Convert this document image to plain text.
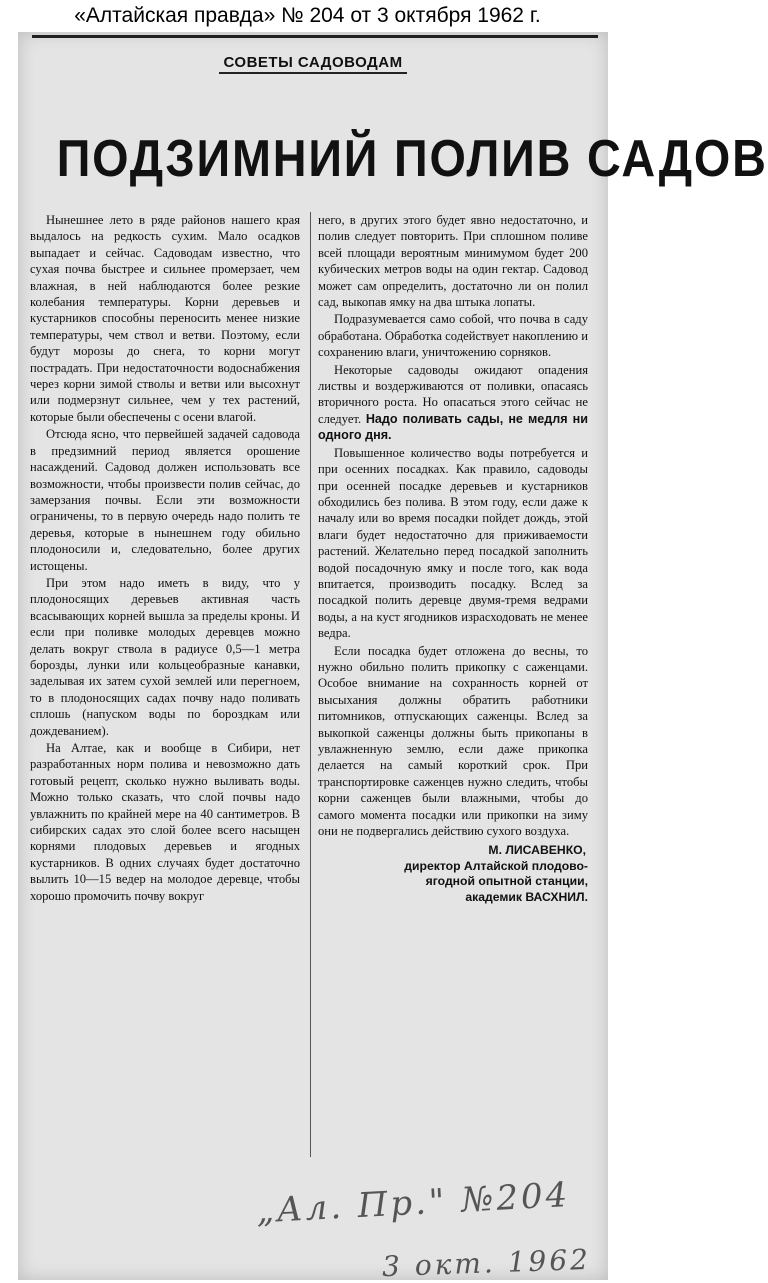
«Алтайская правда» № 204 от 3 октября 1962 г.
СОВЕТЫ САДОВОДАМ
ПОДЗИМНИЙ ПОЛИВ САДОВ

Нынешнее лето в ряде районов нашего края выдалось на редкость сухим. Мало осадков выпадает и сейчас. Садоводам известно, что сухая почва быстрее и сильнее промерзает, чем влажная, в ней наблюдаются более резкие колебания температуры. Корни деревьев и кустарников способны переносить менее низкие температуры, чем ствол и ветви. Поэтому, если будут морозы до снега, то корни могут пострадать. При недостаточности водоснабжения через корни зимой стволы и ветви или высохнут или подмерзнут сильнее, чем у тех растений, которые были обеспечены с осени влагой.

Отсюда ясно, что первейшей задачей садовода в предзимний период является орошение насаждений. Садовод должен использовать все возможности, чтобы произвести полив сейчас, до замерзания почвы. Если эти возможности ограничены, то в первую очередь надо полить те деревья, которые в нынешнем году обильно плодоносили и, следовательно, более других истощены.

При этом надо иметь в виду, что у плодоносящих деревьев активная часть всасывающих корней вышла за пределы кроны. И если при поливке молодых деревцев можно делать вокруг ствола в радиусе 0,5—1 метра борозды, лунки или кольцеобразные канавки, заделывая их затем сухой землей или перегноем, то в плодоносящих садах почву надо поливать сплошь (напуском воды по бороздкам или дождеванием).

На Алтае, как и вообще в Сибири, нет разработанных норм полива и невозможно дать готовый рецепт, сколько нужно выливать воды. Можно только сказать, что слой почвы надо увлажнить по крайней мере на 40 сантиметров. В сибирских садах это слой более всего насыщен корнями плодовых деревьев и ягодных кустарников. В одних случаях будет достаточно вылить 10—15 ведер на молодое деревце, чтобы хорошо промочить почву вокруг

него, в других этого будет явно недостаточно, и полив следует повторить. При сплошном поливе всей площади вероятным минимумом будет 200 кубических метров воды на один гектар. Садовод может сам определить, достаточно ли он полил сад, выкопав ямку на два штыка лопаты.

Подразумевается само собой, что почва в саду обработана. Обработка содействует накоплению и сохранению влаги, уничтожению сорняков.

Некоторые садоводы ожидают опадения листвы и воздерживаются от поливки, опасаясь вторичного роста. Но опасаться этого сейчас не следует. Надо поливать сады, не медля ни одного дня.

Повышенное количество воды потребуется и при осенних посадках. Как правило, садоводы при осенней посадке деревьев и кустарников обходились без полива. В этом году, если даже к началу или во время посадки пойдет дождь, этой влаги будет недостаточно для приживаемости растений. Желательно перед посадкой заполнить водой посадочную ямку и после того, как вода впитается, производить посадку. Вслед за посадкой полить деревце двумя-тремя ведрами воды, а на куст ягодников израсходовать не менее ведра.

Если посадка будет отложена до весны, то нужно обильно полить прикопку с саженцами. Особое внимание на сохранность корней от высыхания должны обратить работники питомников, отпускающих саженцы. Вслед за выкопкой саженцы должны быть прикопаны в увлажненную землю, если даже прикопка делается на самый короткий срок. При транспортировке саженцев нужно следить, чтобы корни саженцев были влажными, чтобы до самого момента посадки или прикопки на зиму они не подвергались действию сухого воздуха.

М. ЛИСАВЕНКО,
директор Алтайской плодово-
ягодной опытной станции,
академик ВАСХНИЛ.
„Ал. Пр." №204
3 окт. 1962
